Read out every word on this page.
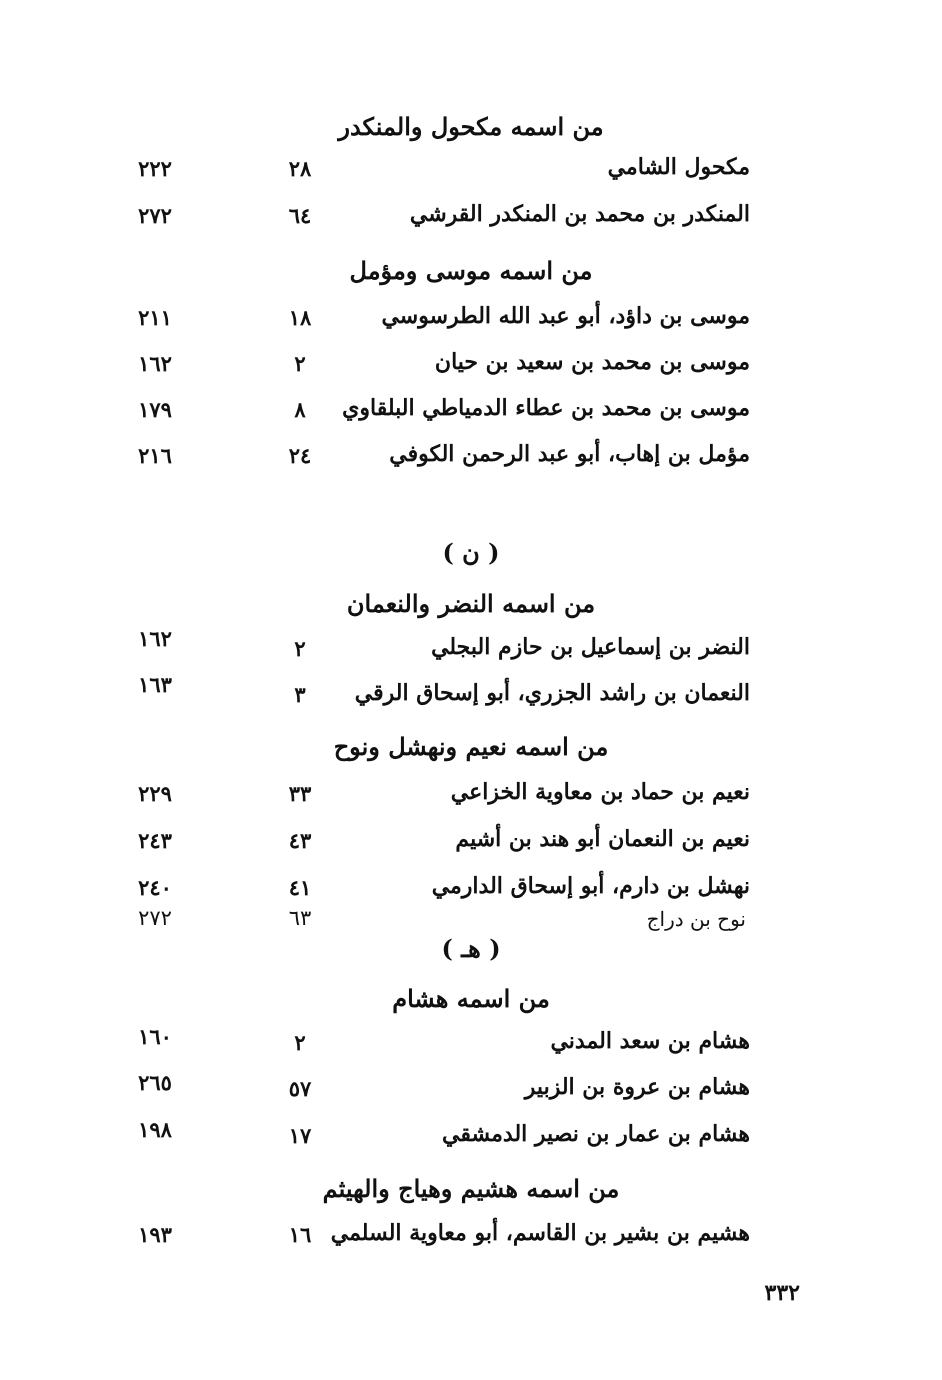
من اسمه مكحول والمنكدر
مكحول الشامي
٢٨
٢٢٢
المنكدر بن محمد بن المنكدر القرشي
٦٤
٢٧٢
من اسمه موسى ومؤمل
موسى بن داؤد، أبو عبد الله الطرسوسي
١٨
٢١١
موسى بن محمد بن سعيد بن حيان
٢
١٦٢
موسى بن محمد بن عطاء الدمياطي البلقاوي
٨
١٧٩
مؤمل بن إهاب، أبو عبد الرحمن الكوفي
٢٤
٢١٦
( ن )
من اسمه النضر والنعمان
النضر بن إسماعيل بن حازم البجلي
٢
١٦٢
النعمان بن راشد الجزري، أبو إسحاق الرقي
٣
١٦٣
من اسمه نعيم ونهشل ونوح
نعيم بن حماد بن معاوية الخزاعي
٣٣
٢٢٩
نعيم بن النعمان أبو هند بن أشيم
٤٣
٢٤٣
نهشل بن دارم، أبو إسحاق الدارمي
٤١
٢٤٠
نوح بن دراج
٦٣
٢٧٢
( هـ )
من اسمه هشام
هشام بن سعد المدني
٢
١٦٠
هشام بن عروة بن الزبير
٥٧
٢٦٥
هشام بن عمار بن نصير الدمشقي
١٧
١٩٨
من اسمه هشيم وهياج والهيثم
هشيم بن بشير بن القاسم، أبو معاوية السلمي
١٦
١٩٣
٣٣٢
